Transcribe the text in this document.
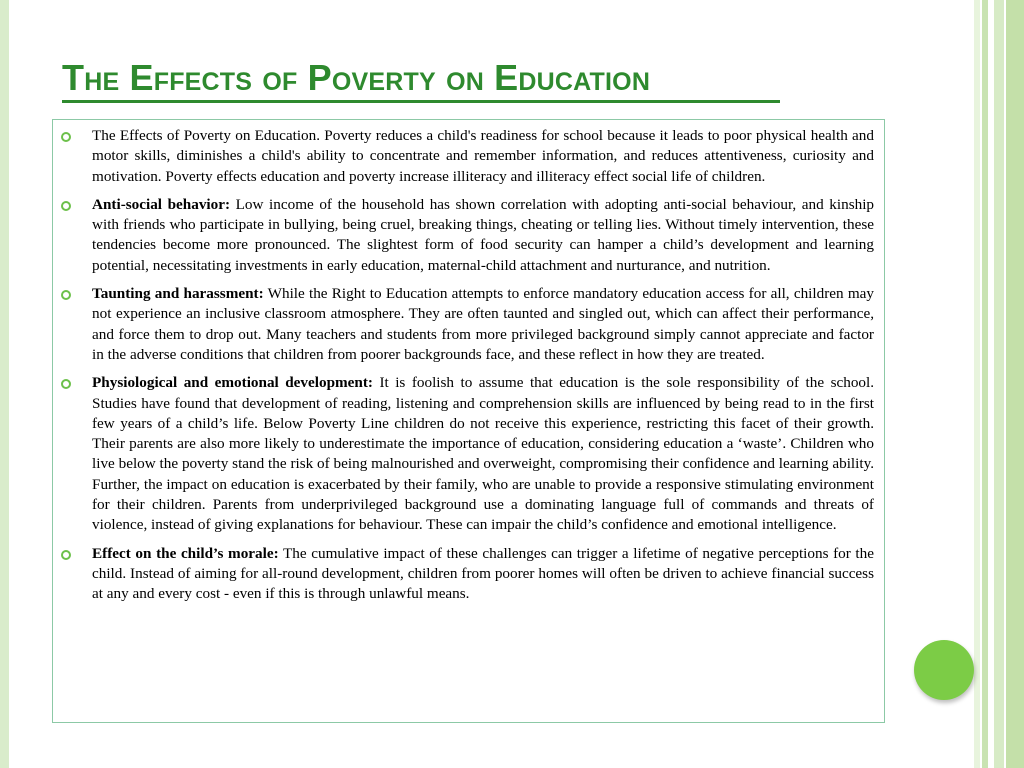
The Effects of Poverty on Education
The Effects of Poverty on Education. Poverty reduces a child's readiness for school because it leads to poor physical health and motor skills, diminishes a child's ability to concentrate and remember information, and reduces attentiveness, curiosity and motivation. Poverty effects education and poverty increase illiteracy and illiteracy effect social life of children.
Anti-social behavior: Low income of the household has shown correlation with adopting anti-social behaviour, and kinship with friends who participate in bullying, being cruel, breaking things, cheating or telling lies. Without timely intervention, these tendencies become more pronounced. The slightest form of food security can hamper a child’s development and learning potential, necessitating investments in early education, maternal-child attachment and nurturance, and nutrition.
Taunting and harassment: While the Right to Education attempts to enforce mandatory education access for all, children may not experience an inclusive classroom atmosphere. They are often taunted and singled out, which can affect their performance, and force them to drop out. Many teachers and students from more privileged background simply cannot appreciate and factor in the adverse conditions that children from poorer backgrounds face, and these reflect in how they are treated.
Physiological and emotional development: It is foolish to assume that education is the sole responsibility of the school. Studies have found that development of reading, listening and comprehension skills are influenced by being read to in the first few years of a child’s life. Below Poverty Line children do not receive this experience, restricting this facet of their growth. Their parents are also more likely to underestimate the importance of education, considering education a ‘waste’. Children who live below the poverty stand the risk of being malnourished and overweight, compromising their confidence and learning ability. Further, the impact on education is exacerbated by their family, who are unable to provide a responsive stimulating environment for their children. Parents from underprivileged background use a dominating language full of commands and threats of violence, instead of giving explanations for behaviour. These can impair the child’s confidence and emotional intelligence.
Effect on the child’s morale: The cumulative impact of these challenges can trigger a lifetime of negative perceptions for the child. Instead of aiming for all-round development, children from poorer homes will often be driven to achieve financial success at any and every cost - even if this is through unlawful means.
